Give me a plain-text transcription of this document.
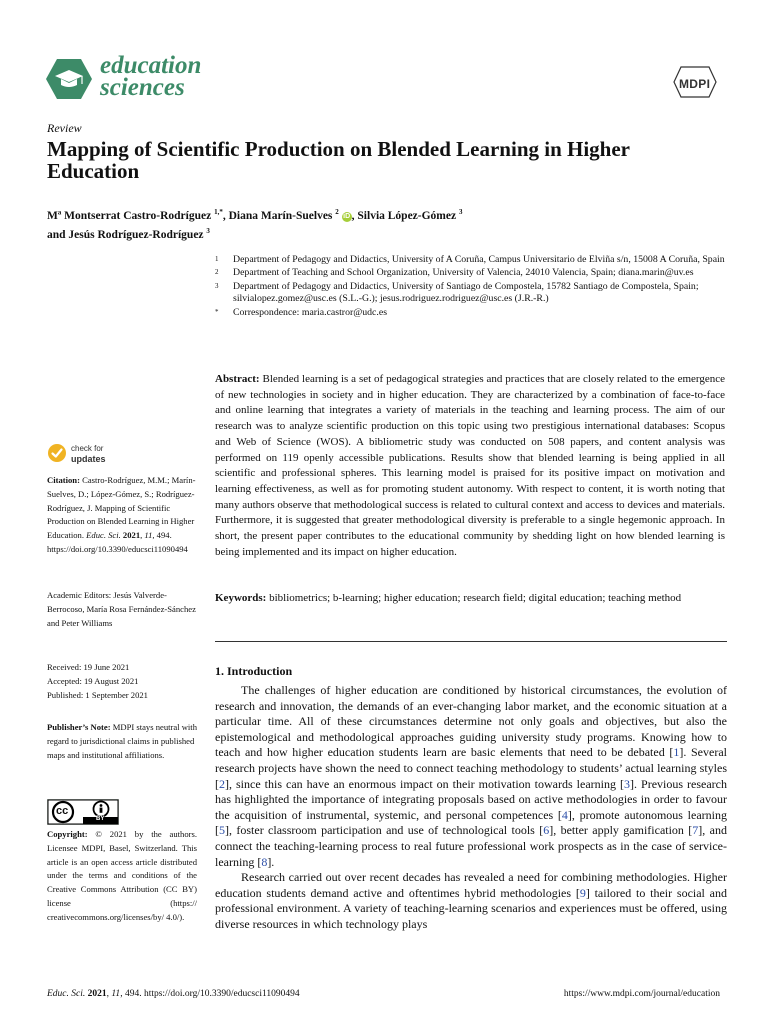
education
sciences	MDPI
Review
Mapping of Scientific Production on Blended Learning in Higher Education
Mª Montserrat Castro-Rodríguez $^{1,*}$, Diana Marín-Suelves $^2$ iD , Silvia López-Gómez $^3$
and Jesús Rodríguez-Rodríguez $^3$
1 Department of Pedagogy and Didactics, University of A Coruña, Campus Universitario de Elviña s/n, 15008 A Coruña, Spain
2 Department of Teaching and School Organization, University of Valencia, 24010 Valencia, Spain; diana.marin@uv.es
3 Department of Pedagogy and Didactics, University of Santiago de Compostela, 15782 Santiago de Compostela, Spain; silvialopez.gomez@usc.es (S.L.-G.); jesus.rodriguez.rodriguez@usc.es (J.R.-R.)
* Correspondence: maria.castror@udc.es
Abstract: Blended learning is a set of pedagogical strategies and practices that are closely related to the emergence of new technologies in society and in higher education. They are characterized by a combination of face-to-face and online learning that integrates a variety of materials in the teaching and learning process. The aim of our research was to analyze scientific production on this topic using two prestigious international databases: Scopus and Web of Science (WOS). A bibliometric study was conducted on 508 papers, and content analysis was performed on 119 openly accessible publications. Results show that blended learning is being applied in all scientific and professional spheres. This learning model is praised for its positive impact on motivation and learning effectiveness, as well as for promoting student autonomy. With respect to content, it is worth noting that many authors observe that methodological success is related to cultural context and access to devices and materials. Furthermore, it is suggested that greater methodological diversity is preferable to a single hegemonic approach. In short, the present paper contributes to the educational community by shedding light on how blended learning is being implemented and its impact on higher education.
Keywords: bibliometrics; b-learning; higher education; research field; digital education; teaching method
check for
updates
Citation: Castro-Rodríguez, M.M.; Marín-Suelves, D.; López-Gómez, S.; Rodríguez-Rodríguez, J. Mapping of Scientific Production on Blended Learning in Higher Education. Educ. Sci. 2021, 11, 494. https://doi.org/10.3390/educsci11090494
Academic Editors: Jesús Valverde-Berrocoso, María Rosa Fernández-Sánchez and Peter Williams
Received: 19 June 2021
Accepted: 19 August 2021
Published: 1 September 2021
Publisher’s Note: MDPI stays neutral with regard to jurisdictional claims in published maps and institutional affiliations.
cc
BY
Copyright: © 2021 by the authors. Licensee MDPI, Basel, Switzerland. This article is an open access article distributed under the terms and conditions of the Creative Commons Attribution (CC BY) license (https:// creativecommons.org/licenses/by/ 4.0/).
1. Introduction

The challenges of higher education are conditioned by historical circumstances, the evolution of research and innovation, the demands of an ever-changing labor market, and the economic situation at a particular time. All of these circumstances determine not only goals and objectives, but also the epistemological and methodological approaches guiding university study programs. Knowing how to teach and how higher education students learn are basic elements that need to be debated [1]. Several research projects have shown the need to connect teaching methodology to students’ actual learning styles [2], since this can have an enormous impact on their motivation towards learning [3]. Previous research has highlighted the importance of integrating proposals based on active methodologies in order to favour the acquisition of instrumental, systemic, and personal competences [4], promote autonomous learning [5], foster classroom participation and use of technological tools [6], better apply gamification [7], and connect the teaching-learning process to real future professional work prospects as in the case of service-learning [8].

Research carried out over recent decades has revealed a need for combining methodologies. Higher education students demand active and oftentimes hybrid methodologies [9] tailored to their social and professional environment. A variety of teaching-learning scenarios and experiences must be offered, using diverse resources in which technology plays

Educ. Sci. 2021, 11, 494. https://doi.org/10.3390/educsci11090494	https://www.mdpi.com/journal/education
